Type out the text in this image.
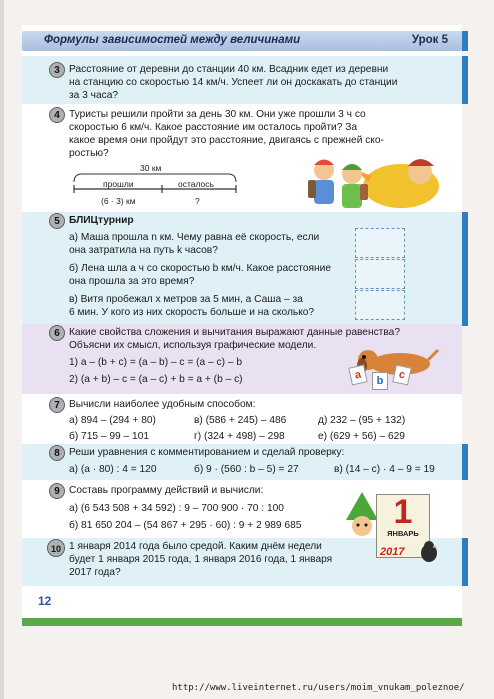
Формулы зависимостей между величинами	Урок 5
3 Расстояние от деревни до станции 40 км. Всадник едет из деревни
на станцию со скоростью 14 км/ч. Успеет ли он доскакать до станции
за 3 часа?
4 Туристы решили пройти за день 30 км. Они уже прошли 3 ч со
скоростью 6 км/ч. Какое расстояние им осталось пройти? За
какое время они пройдут это расстояние, двигаясь с прежней ско-
ростью?
30 км
прошли	осталось
(6 · 3) км	?
5 БЛИЦтурнир
а) Маша прошла n км. Чему равна её скорость, если
она затратила на путь k часов?
б) Лена шла a ч со скоростью b км/ч. Какое расстояние
она прошла за это время?
в) Витя пробежал x метров за 5 мин, а Саша – за
6 мин. У кого из них скорость больше и на сколько?
6 Какие свойства сложения и вычитания выражают данные равенства?
Объясни их смысл, используя графические модели.
1) a – (b + c) = (a – b) – c = (a – c) – b
2) (a + b) – c = (a – c) + b = a + (b – c)	a	b	c
7 Вычисли наиболее удобным способом:
а) 894 – (294 + 80)	в) (586 + 245) – 486	д) 232 – (95 + 132)
б) 715 – 99 – 101	г) (324 + 498) – 298	е) (629 + 56) – 629
8 Реши уравнения с комментированием и сделай проверку:
а) (a · 80) : 4 = 120	б) 9 · (560 : b – 5) = 27	в) (14 – c) · 4 – 9 = 19
9 Составь программу действий и вычисли:
а) (6 543 508 + 34 592) : 9 – 700 900 · 70 : 100
б) 81 650 204 – (54 867 + 295 · 60) : 9 + 2 989 685
10 1 января 2014 года было средой. Каким днём недели
будет 1 января 2015 года, 1 января 2016 года, 1 января
2017 года?
1
ЯНВАРЬ
2017
12
http://www.liveinternet.ru/users/moim_vnukam_poleznoe/
